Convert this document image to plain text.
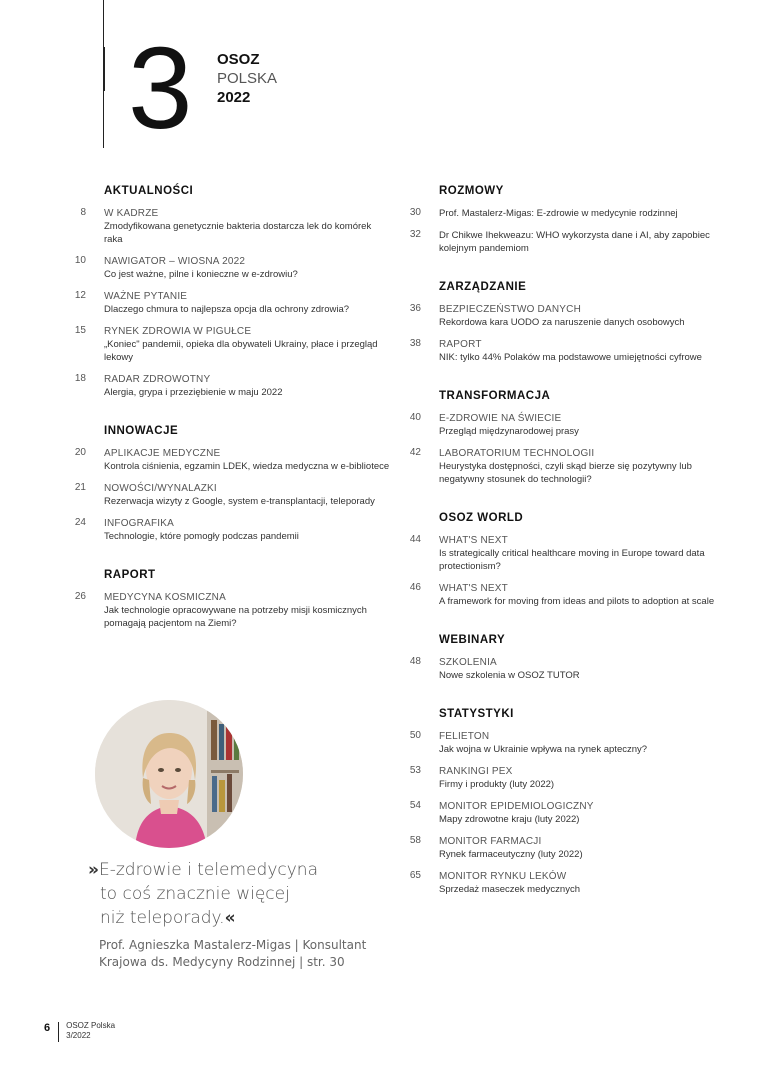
3 OSOZ
POLSKA
2022
AKTUALNOŚCI
8 W KADRZE
Zmodyfikowana genetycznie bakteria dostarcza lek do komórek raka
10 NAWIGATOR – WIOSNA 2022
Co jest ważne, pilne i konieczne w e-zdrowiu?
12 WAŻNE PYTANIE
Dlaczego chmura to najlepsza opcja dla ochrony zdrowia?
15 RYNEK ZDROWIA W PIGUŁCE
„Koniec" pandemii, opieka dla obywateli Ukrainy, płace i przegląd lekowy
18 RADAR ZDROWOTNY
Alergia, grypa i przeziębienie w maju 2022
INNOWACJE
20 APLIKACJE MEDYCZNE
Kontrola ciśnienia, egzamin LDEK, wiedza medyczna w e-bibliotece
21 NOWOŚCI/WYNALAZKI
Rezerwacja wizyty z Google, system e-transplantacji, teleporady
24 INFOGRAFIKA
Technologie, które pomogły podczas pandemii
RAPORT
26 MEDYCYNA KOSMICZNA
Jak technologie opracowywane na potrzeby misji kosmicznych pomagają pacjentom na Ziemi?
ROZMOWY
30 Prof. Mastalerz-Migas: E-zdrowie w medycynie rodzinnej
32 Dr Chikwe Ihekweazu: WHO wykorzysta dane i AI, aby zapobiec kolejnym pandemiom
ZARZĄDZANIE
36 BEZPIECZEŃSTWO DANYCH
Rekordowa kara UODO za naruszenie danych osobowych
38 RAPORT
NIK: tylko 44% Polaków ma podstawowe umiejętności cyfrowe
TRANSFORMACJA
40 E-ZDROWIE NA ŚWIECIE
Przegląd międzynarodowej prasy
42 LABORATORIUM TECHNOLOGII
Heurystyka dostępności, czyli skąd bierze się pozytywny lub negatywny stosunek do technologii?
OSOZ WORLD
44 WHAT'S NEXT
Is strategically critical healthcare moving in Europe toward data protectionism?
46 WHAT'S NEXT
A framework for moving from ideas and pilots to adoption at scale
WEBINARY
48 SZKOLENIA
Nowe szkolenia w OSOZ TUTOR
STATYSTYKI
50 FELIETON
Jak wojna w Ukrainie wpływa na rynek apteczny?
53 RANKINGI PEX
Firmy i produkty (luty 2022)
54 MONITOR EPIDEMIOLOGICZNY
Mapy zdrowotne kraju (luty 2022)
58 MONITOR FARMACJI
Rynek farmaceutyczny (luty 2022)
65 MONITOR RYNKU LEKÓW
Sprzedaż maseczek medycznych
»E-zdrowie i telemedycyna
to coś znacznie więcej
niż teleporady.«
Prof. Agnieszka Mastalerz-Migas | Konsultant
Krajowa ds. Medycyny Rodzinnej | str. 30
6 OSOZ Polska
3/2022
